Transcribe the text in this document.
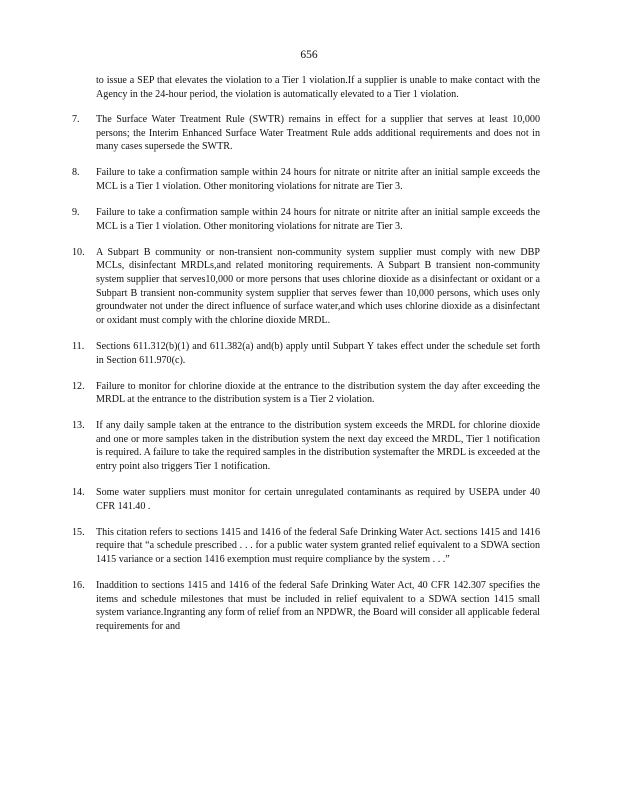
656

to issue a SEP that elevates the violation to a Tier 1 violation.If a supplier is unable to make contact with the Agency in the 24-hour period, the violation is automatically elevated to a Tier 1 violation.

7.	The Surface Water Treatment Rule (SWTR) remains in effect for a supplier that serves at least 10,000 persons; the Interim Enhanced Surface Water Treatment Rule adds additional requirements and does not in many cases supersede the SWTR.
8.	Failure to take a confirmation sample within 24 hours for nitrate or nitrite after an initial sample exceeds the MCL is a Tier 1 violation. Other monitoring violations for nitrate are Tier 3.
9.	Failure to take a confirmation sample within 24 hours for nitrate or nitrite after an initial sample exceeds the MCL is a Tier 1 violation. Other monitoring violations for nitrate are Tier 3.
10.	A Subpart B community or non-transient non-community system supplier must comply with new DBP MCLs, disinfectant MRDLs,and related monitoring requirements. A Subpart B transient non-community system supplier that serves10,000 or more persons that uses chlorine dioxide as a disinfectant or oxidant or a Subpart B transient non-community system supplier that serves fewer than 10,000 persons, which uses only groundwater not under the direct influence of surface water,and which uses chlorine dioxide as a disinfectant or oxidant must comply with the chlorine dioxide MRDL.
11.	Sections 611.312(b)(1) and 611.382(a) and(b) apply until Subpart Y takes effect under the schedule set forth in Section 611.970(c).
12.	Failure to monitor for chlorine dioxide at the entrance to the distribution system the day after exceeding the MRDL at the entrance to the distribution system is a Tier 2 violation.
13.	If any daily sample taken at the entrance to the distribution system exceeds the MRDL for chlorine dioxide and one or more samples taken in the distribution system the next day exceed the MRDL, Tier 1 notification is required. A failure to take the required samples in the distribution systemafter the MRDL is exceeded at the entry point also triggers Tier 1 notification.
14.	Some water suppliers must monitor for certain unregulated contaminants as required by USEPA under 40 CFR 141.40 .
15.	This citation refers to sections 1415 and 1416 of the federal Safe Drinking Water Act. sections 1415 and 1416 require that “a schedule prescribed . . . for a public water system granted relief equivalent to a SDWA section 1415 variance or a section 1416 exemption must require compliance by the system . . .”
16.	Inaddition to sections 1415 and 1416 of the federal Safe Drinking Water Act, 40 CFR 142.307 specifies the items and schedule milestones that must be included in relief equivalent to a SDWA section 1415 small system variance.Ingranting any form of relief from an NPDWR, the Board will consider all applicable federal requirements for and
